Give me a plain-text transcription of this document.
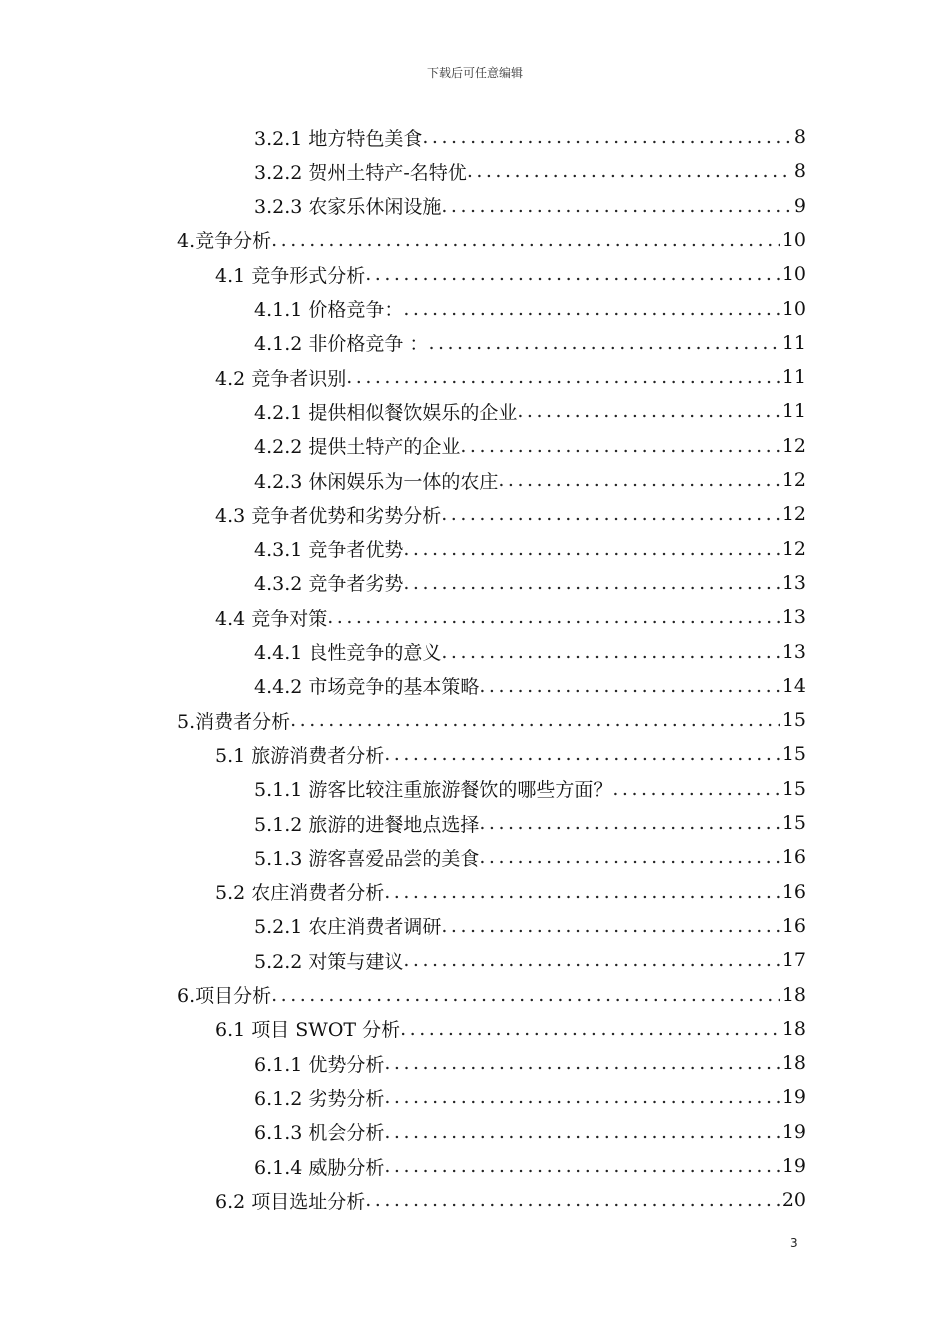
下载后可任意编辑
3.2.1 地方特色美食 .....	8
3.2.2 贺州土特产-名特优 .....	8
3.2.3 农家乐休闲设施 .....	9
4.竞争分析 .....	10
4.1 竞争形式分析 .....	10
4.1.1 价格竞争： .....	10
4.1.2 非价格竞争 ： .....	11
4.2 竞争者识别 .....	11
4.2.1 提供相似餐饮娱乐的企业 .....	11
4.2.2 提供土特产的企业 .....	12
4.2.3 休闲娱乐为一体的农庄 .....	12
4.3 竞争者优势和劣势分析 .....	12
4.3.1 竞争者优势 .....	12
4.3.2 竞争者劣势 .....	13
4.4 竞争对策 .....	13
4.4.1 良性竞争的意义 .....	13
4.4.2 市场竞争的基本策略 .....	14
5.消费者分析 .....	15
5.1 旅游消费者分析 .....	15
5.1.1 游客比较注重旅游餐饮的哪些方面？ .....	15
5.1.2 旅游的进餐地点选择 .....	15
5.1.3 游客喜爱品尝的美食 .....	16
5.2 农庄消费者分析 .....	16
5.2.1 农庄消费者调研 .....	16
5.2.2 对策与建议 .....	17
6.项目分析 .....	18
6.1 项目 SWOT 分析 .....	18
6.1.1 优势分析 .....	18
6.1.2 劣势分析 .....	19
6.1.3 机会分析 .....	19
6.1.4 威胁分析 .....	19
6.2 项目选址分析 .....	20
3
